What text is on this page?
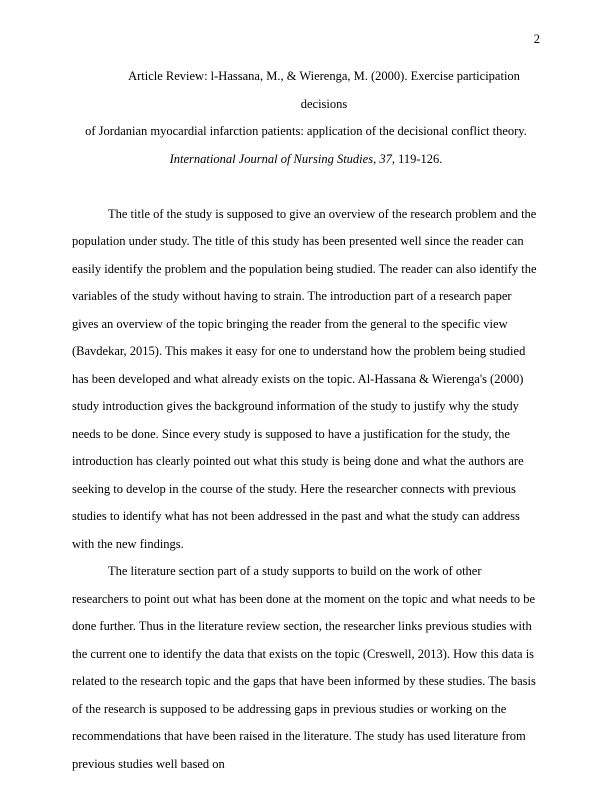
2
Article Review: l-Hassana, M., & Wierenga, M. (2000). Exercise participation decisions
of Jordanian myocardial infarction patients: application of the decisional conflict theory.
International Journal of Nursing Studies, 37, 119-126.

The title of the study is supposed to give an overview of the research problem and the population under study. The title of this study has been presented well since the reader can easily identify the problem and the population being studied. The reader can also identify the variables of the study without having to strain. The introduction part of a research paper gives an overview of the topic bringing the reader from the general to the specific view (Bavdekar, 2015). This makes it easy for one to understand how the problem being studied has been developed and what already exists on the topic. Al-Hassana & Wierenga's (2000) study introduction gives the background information of the study to justify why the study needs to be done. Since every study is supposed to have a justification for the study, the introduction has clearly pointed out what this study is being done and what the authors are seeking to develop in the course of the study. Here the researcher connects with previous studies to identify what has not been addressed in the past and what the study can address with the new findings.

The literature section part of a study supports to build on the work of other researchers to point out what has been done at the moment on the topic and what needs to be done further. Thus in the literature review section, the researcher links previous studies with the current one to identify the data that exists on the topic (Creswell, 2013). How this data is related to the research topic and the gaps that have been informed by these studies. The basis of the research is supposed to be addressing gaps in previous studies or working on the recommendations that have been raised in the literature. The study has used literature from previous studies well based on
